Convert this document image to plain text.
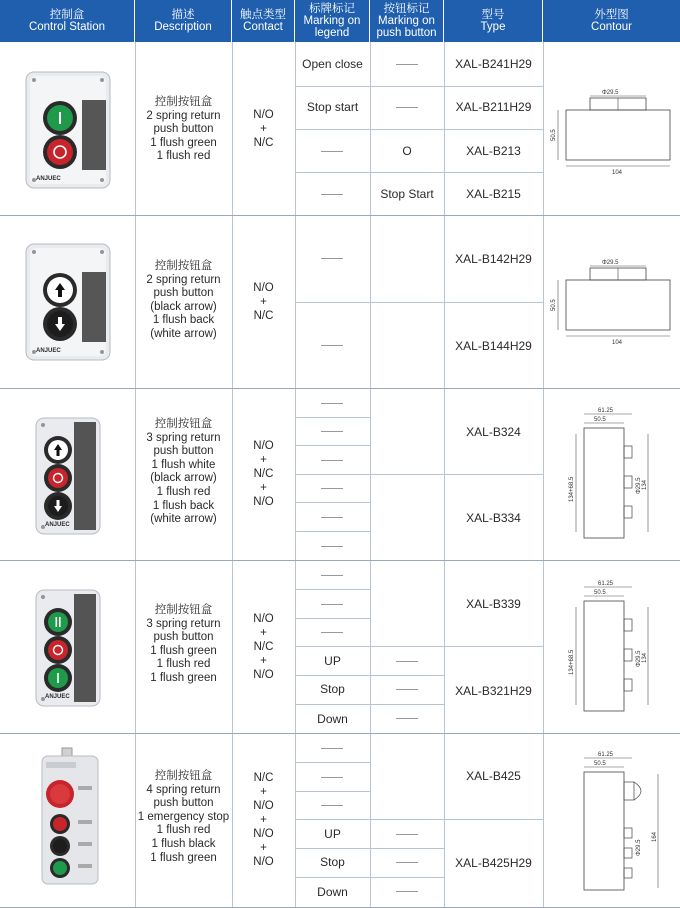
控制盒
Control Station
描述
Description
触点类型
Contact
标牌标记
Marking on
legend
按钮标记
Marking on
push button
型号
Type
外型图
Contour
ANJUEC
控制按钮盒
2 spring return
push button
1 flush green
1 flush red
N/O
+
N/C
Open close
Stop start
O
Stop Start
XAL-B241H29
XAL-B211H29
XAL-B213
XAL-B215
Φ29.5
50.5
104
ANJUEC
控制按钮盒
2 spring return
push button
(black arrow)
1 flush back
(white arrow)
N/O
+
N/C
XAL-B142H29
XAL-B144H29
Φ29.5
50.5
104
ANJUEC
控制按钮盒
3 spring return
push button
1 flush white
(black arrow)
1 flush red
1 flush back
(white arrow)
N/O
+
N/C
+
N/O
XAL-B324
XAL-B334
61.25
50.5
134+68.5	Φ29.5 134
ANJUEC
控制按钮盒
3 spring return
push button
1 flush green
1 flush red
1 flush green
N/O
+
N/C
+
N/O
UP
Stop
Down
XAL-B339
XAL-B321H29
61.25
50.5
134+68.5	Φ29.5 134
控制按钮盒
4 spring return
push button
1 emergency stop
1 flush red
1 flush black
1 flush green
N/C
+
N/O
+
N/O
+
N/O
UP
Stop
Down
XAL-B425
XAL-B425H29
61.25
50.5
Φ29.5
164
